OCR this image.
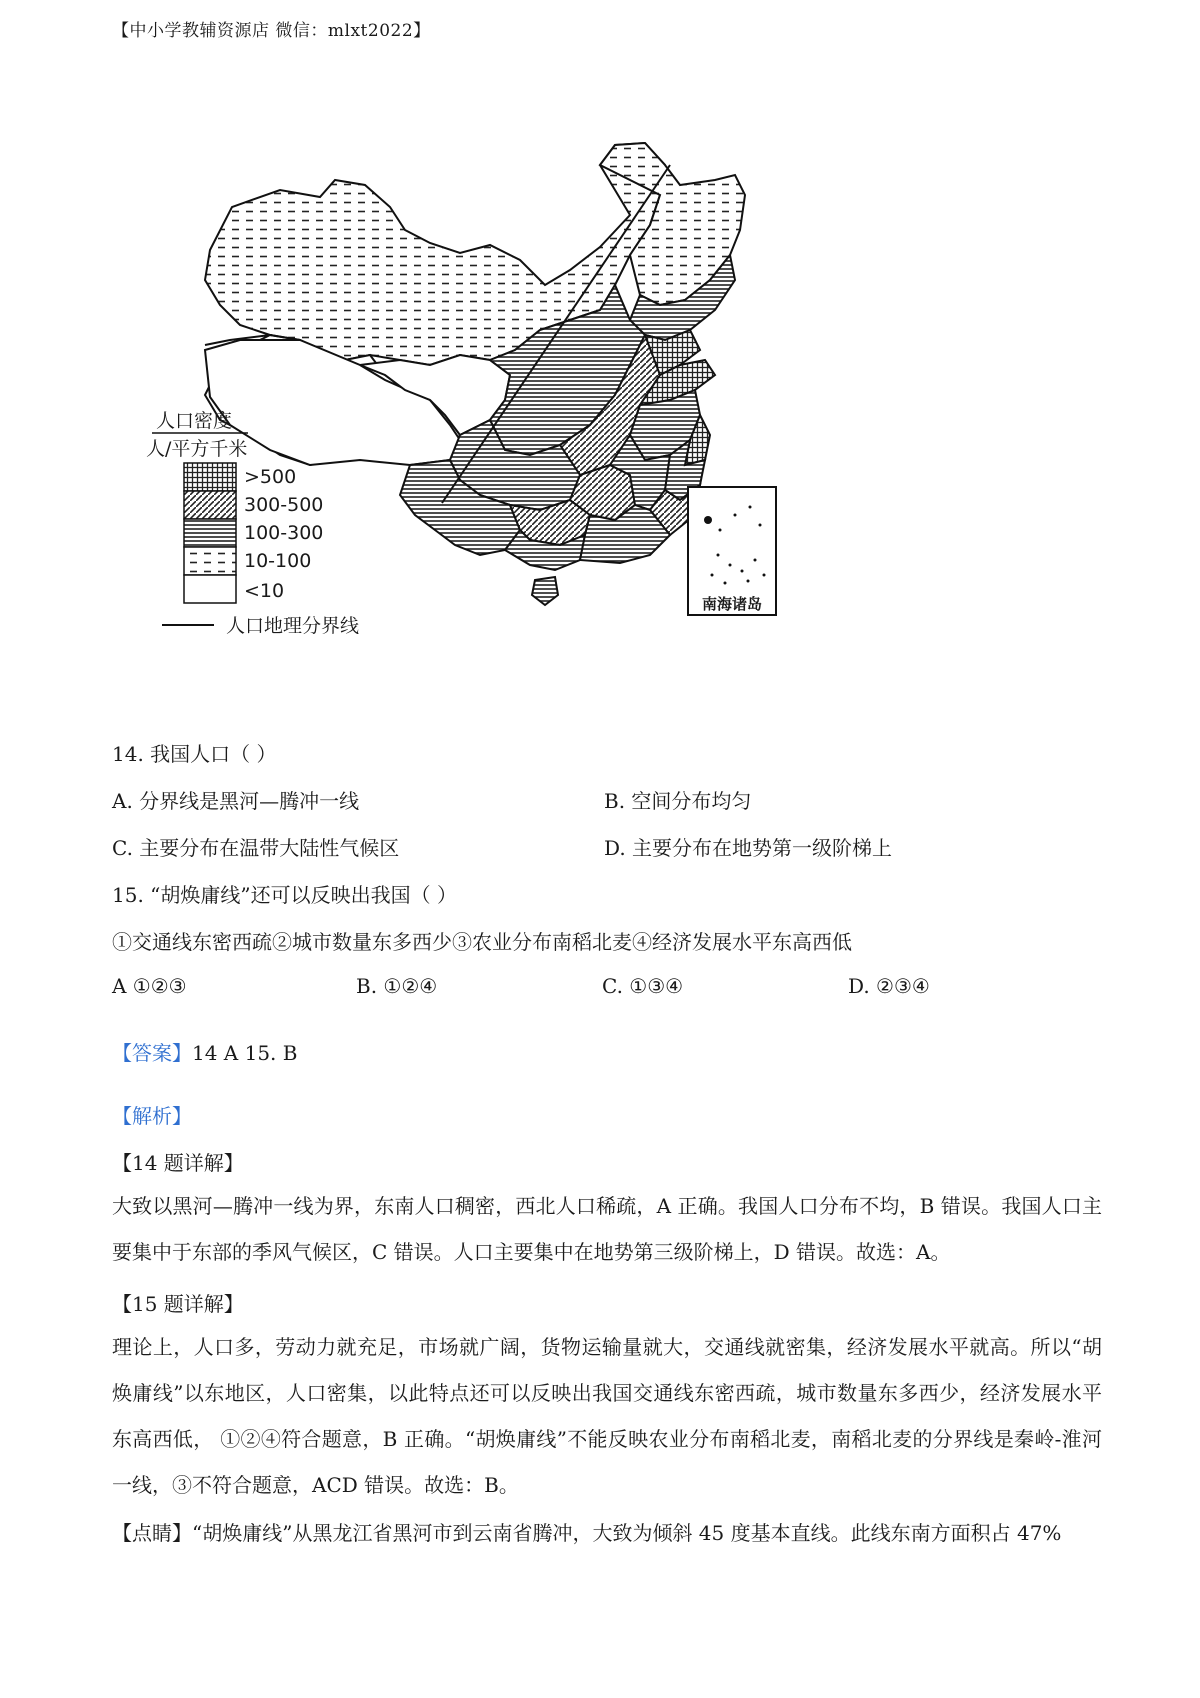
【中小学教辅资源店 微信：mlxt2022】
南海诸岛
人口密度
人/平方千米
>500
300-500
100-300
10-100
<10
人口地理分界线
14. 我国人口（ ）
A. 分界线是黑河—腾冲一线	B. 空间分布均匀
C. 主要分布在温带大陆性气候区	D. 主要分布在地势第一级阶梯上
15. “胡焕庸线”还可以反映出我国（ ）
①交通线东密西疏②城市数量东多西少③农业分布南稻北麦④经济发展水平东高西低
A ①②③	B. ①②④	C. ①③④	D. ②③④
【答案】14 A 15. B
【解析】
【14 题详解】
大致以黑河—腾冲一线为界，东南人口稠密，西北人口稀疏，A 正确。我国人口分布不均，B 错误。我国人口主要集中于东部的季风气候区，C 错误。人口主要集中在地势第三级阶梯上，D 错误。故选：A。
【15 题详解】
理论上，人口多，劳动力就充足，市场就广阔，货物运输量就大，交通线就密集，经济发展水平就高。所以“胡焕庸线”以东地区，人口密集，以此特点还可以反映出我国交通线东密西疏，城市数量东多西少，经济发展水平东高西低， ①②④符合题意，B 正确。“胡焕庸线”不能反映农业分布南稻北麦，南稻北麦的分界线是秦岭-淮河一线，③不符合题意，ACD 错误。故选：B。
【点睛】“胡焕庸线”从黑龙江省黑河市到云南省腾冲，大致为倾斜 45 度基本直线。此线东南方面积占 47%
